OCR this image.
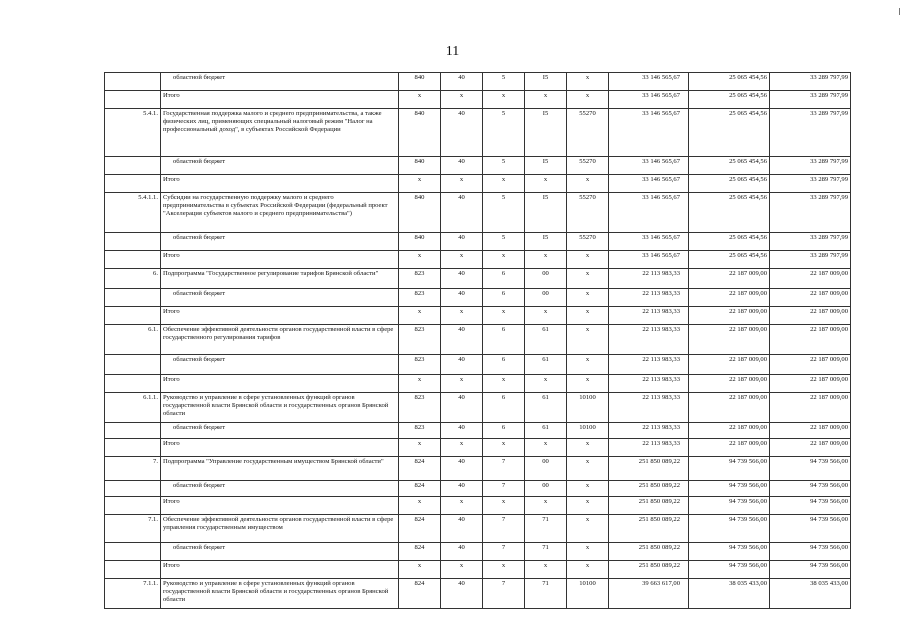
11
	областной бюджет	840	40	5	I5	х	33 146 565,67	25 065 454,56	33 289 797,99
	Итого	х	х	х	х	х	33 146 565,67	25 065 454,56	33 289 797,99
5.4.1.	Государственная поддержка малого и среднего предпринимательства, а также физических лиц, применяющих специальный налоговый режим "Налог на профессиональный доход", в субъектах Российской Федерации	840	40	5	I5	55270	33 146 565,67	25 065 454,56	33 289 797,99
	областной бюджет	840	40	5	I5	55270	33 146 565,67	25 065 454,56	33 289 797,99
	Итого	х	х	х	х	х	33 146 565,67	25 065 454,56	33 289 797,99
5.4.1.1.	Субсидии на государственную поддержку малого и среднего предпринимательства в субъектах Российской Федерации (федеральный проект "Акселерация субъектов малого и среднего предпринимательства")	840	40	5	I5	55270	33 146 565,67	25 065 454,56	33 289 797,99
	областной бюджет	840	40	5	I5	55270	33 146 565,67	25 065 454,56	33 289 797,99
	Итого	х	х	х	х	х	33 146 565,67	25 065 454,56	33 289 797,99
6.	Подпрограмма "Государственное регулирование тарифов Брянской области"	823	40	6	00	х	22 113 983,33	22 187 009,00	22 187 009,00
	областной бюджет	823	40	6	00	х	22 113 983,33	22 187 009,00	22 187 009,00
	Итого	х	х	х	х	х	22 113 983,33	22 187 009,00	22 187 009,00
6.1.	Обеспечение эффективной деятельности органов государственной власти в сфере государственного регулирования тарифов	823	40	6	61	х	22 113 983,33	22 187 009,00	22 187 009,00
	областной бюджет	823	40	6	61	х	22 113 983,33	22 187 009,00	22 187 009,00
	Итого	х	х	х	х	х	22 113 983,33	22 187 009,00	22 187 009,00
6.1.1.	Руководство и управление в сфере установленных функций органов государственной власти Брянской области и государственных органов Брянской области	823	40	6	61	10100	22 113 983,33	22 187 009,00	22 187 009,00
	областной бюджет	823	40	6	61	10100	22 113 983,33	22 187 009,00	22 187 009,00
	Итого	х	х	х	х	х	22 113 983,33	22 187 009,00	22 187 009,00
7.	Подпрограмма "Управление государственным имуществом Брянской области"	824	40	7	00	х	251 850 089,22	94 739 566,00	94 739 566,00
	областной бюджет	824	40	7	00	х	251 850 089,22	94 739 566,00	94 739 566,00
	Итого	х	х	х	х	х	251 850 089,22	94 739 566,00	94 739 566,00
7.1.	Обеспечение эффективной деятельности органов государственной власти в сфере управления государственным имуществом	824	40	7	71	х	251 850 089,22	94 739 566,00	94 739 566,00
	областной бюджет	824	40	7	71	х	251 850 089,22	94 739 566,00	94 739 566,00
	Итого	х	х	х	х	х	251 850 089,22	94 739 566,00	94 739 566,00
7.1.1.	Руководство и управление в сфере установленных функций органов государственной власти Брянской области и государственных органов Брянской области	824	40	7	71	10100	39 663 617,00	38 035 433,00	38 035 433,00
